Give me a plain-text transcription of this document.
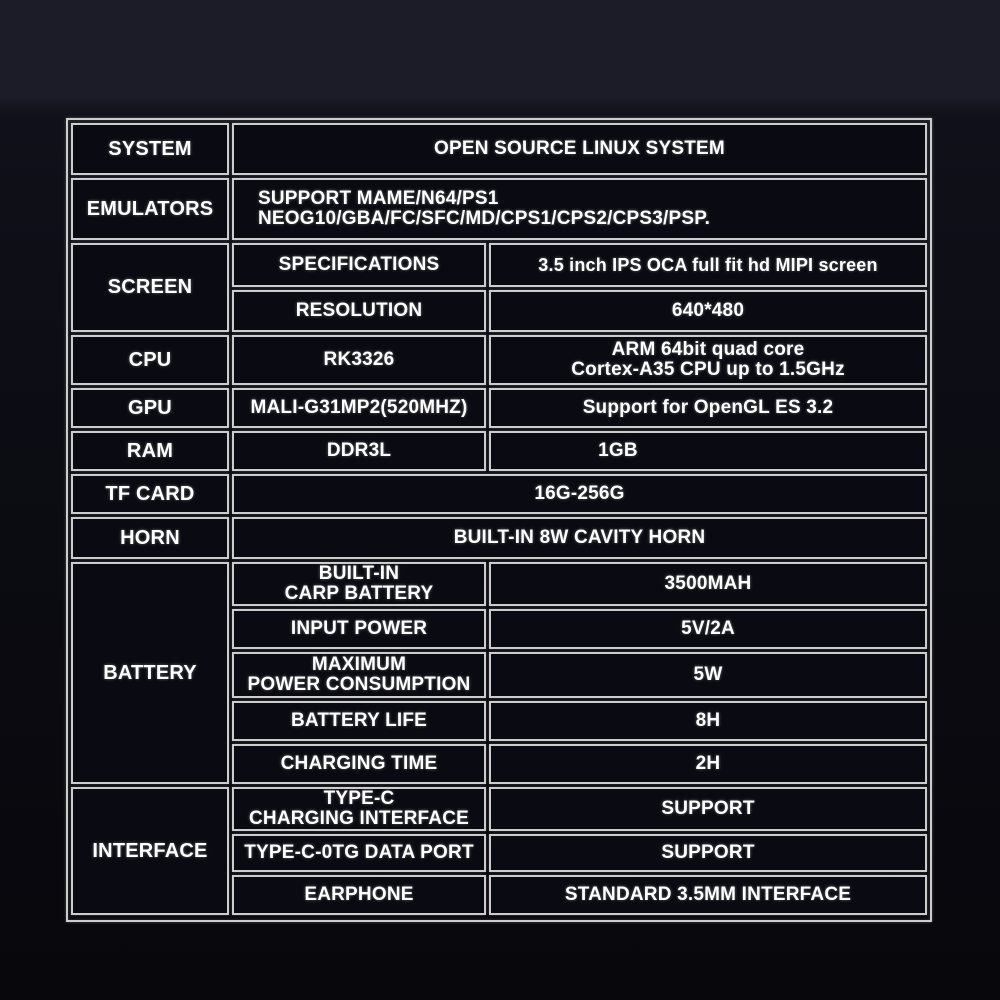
SYSTEM	OPEN SOURCE LINUX SYSTEM
EMULATORS	SUPPORT MAME/N64/PS1
NEOG10/GBA/FC/SFC/MD/CPS1/CPS2/CPS3/PSP.
SCREEN
SPECIFICATIONS	3.5 inch IPS OCA full fit hd MIPI screen
RESOLUTION	640*480
CPU	RK3326	ARM 64bit quad core
Cortex-A35 CPU up to 1.5GHz
GPU	MALI-G31MP2(520MHZ)	Support for OpenGL ES 3.2
RAM	DDR3L	1GB
TF CARD	16G-256G
HORN	BUILT-IN 8W CAVITY HORN
BATTERY
BUILT-IN
CARP BATTERY	3500MAH
INPUT POWER	5V/2A
MAXIMUM
POWER CONSUMPTION	5W
BATTERY LIFE	8H
CHARGING TIME	2H
INTERFACE
TYPE-C
CHARGING INTERFACE	SUPPORT
TYPE-C-0TG DATA PORT	SUPPORT
EARPHONE	STANDARD 3.5MM INTERFACE
